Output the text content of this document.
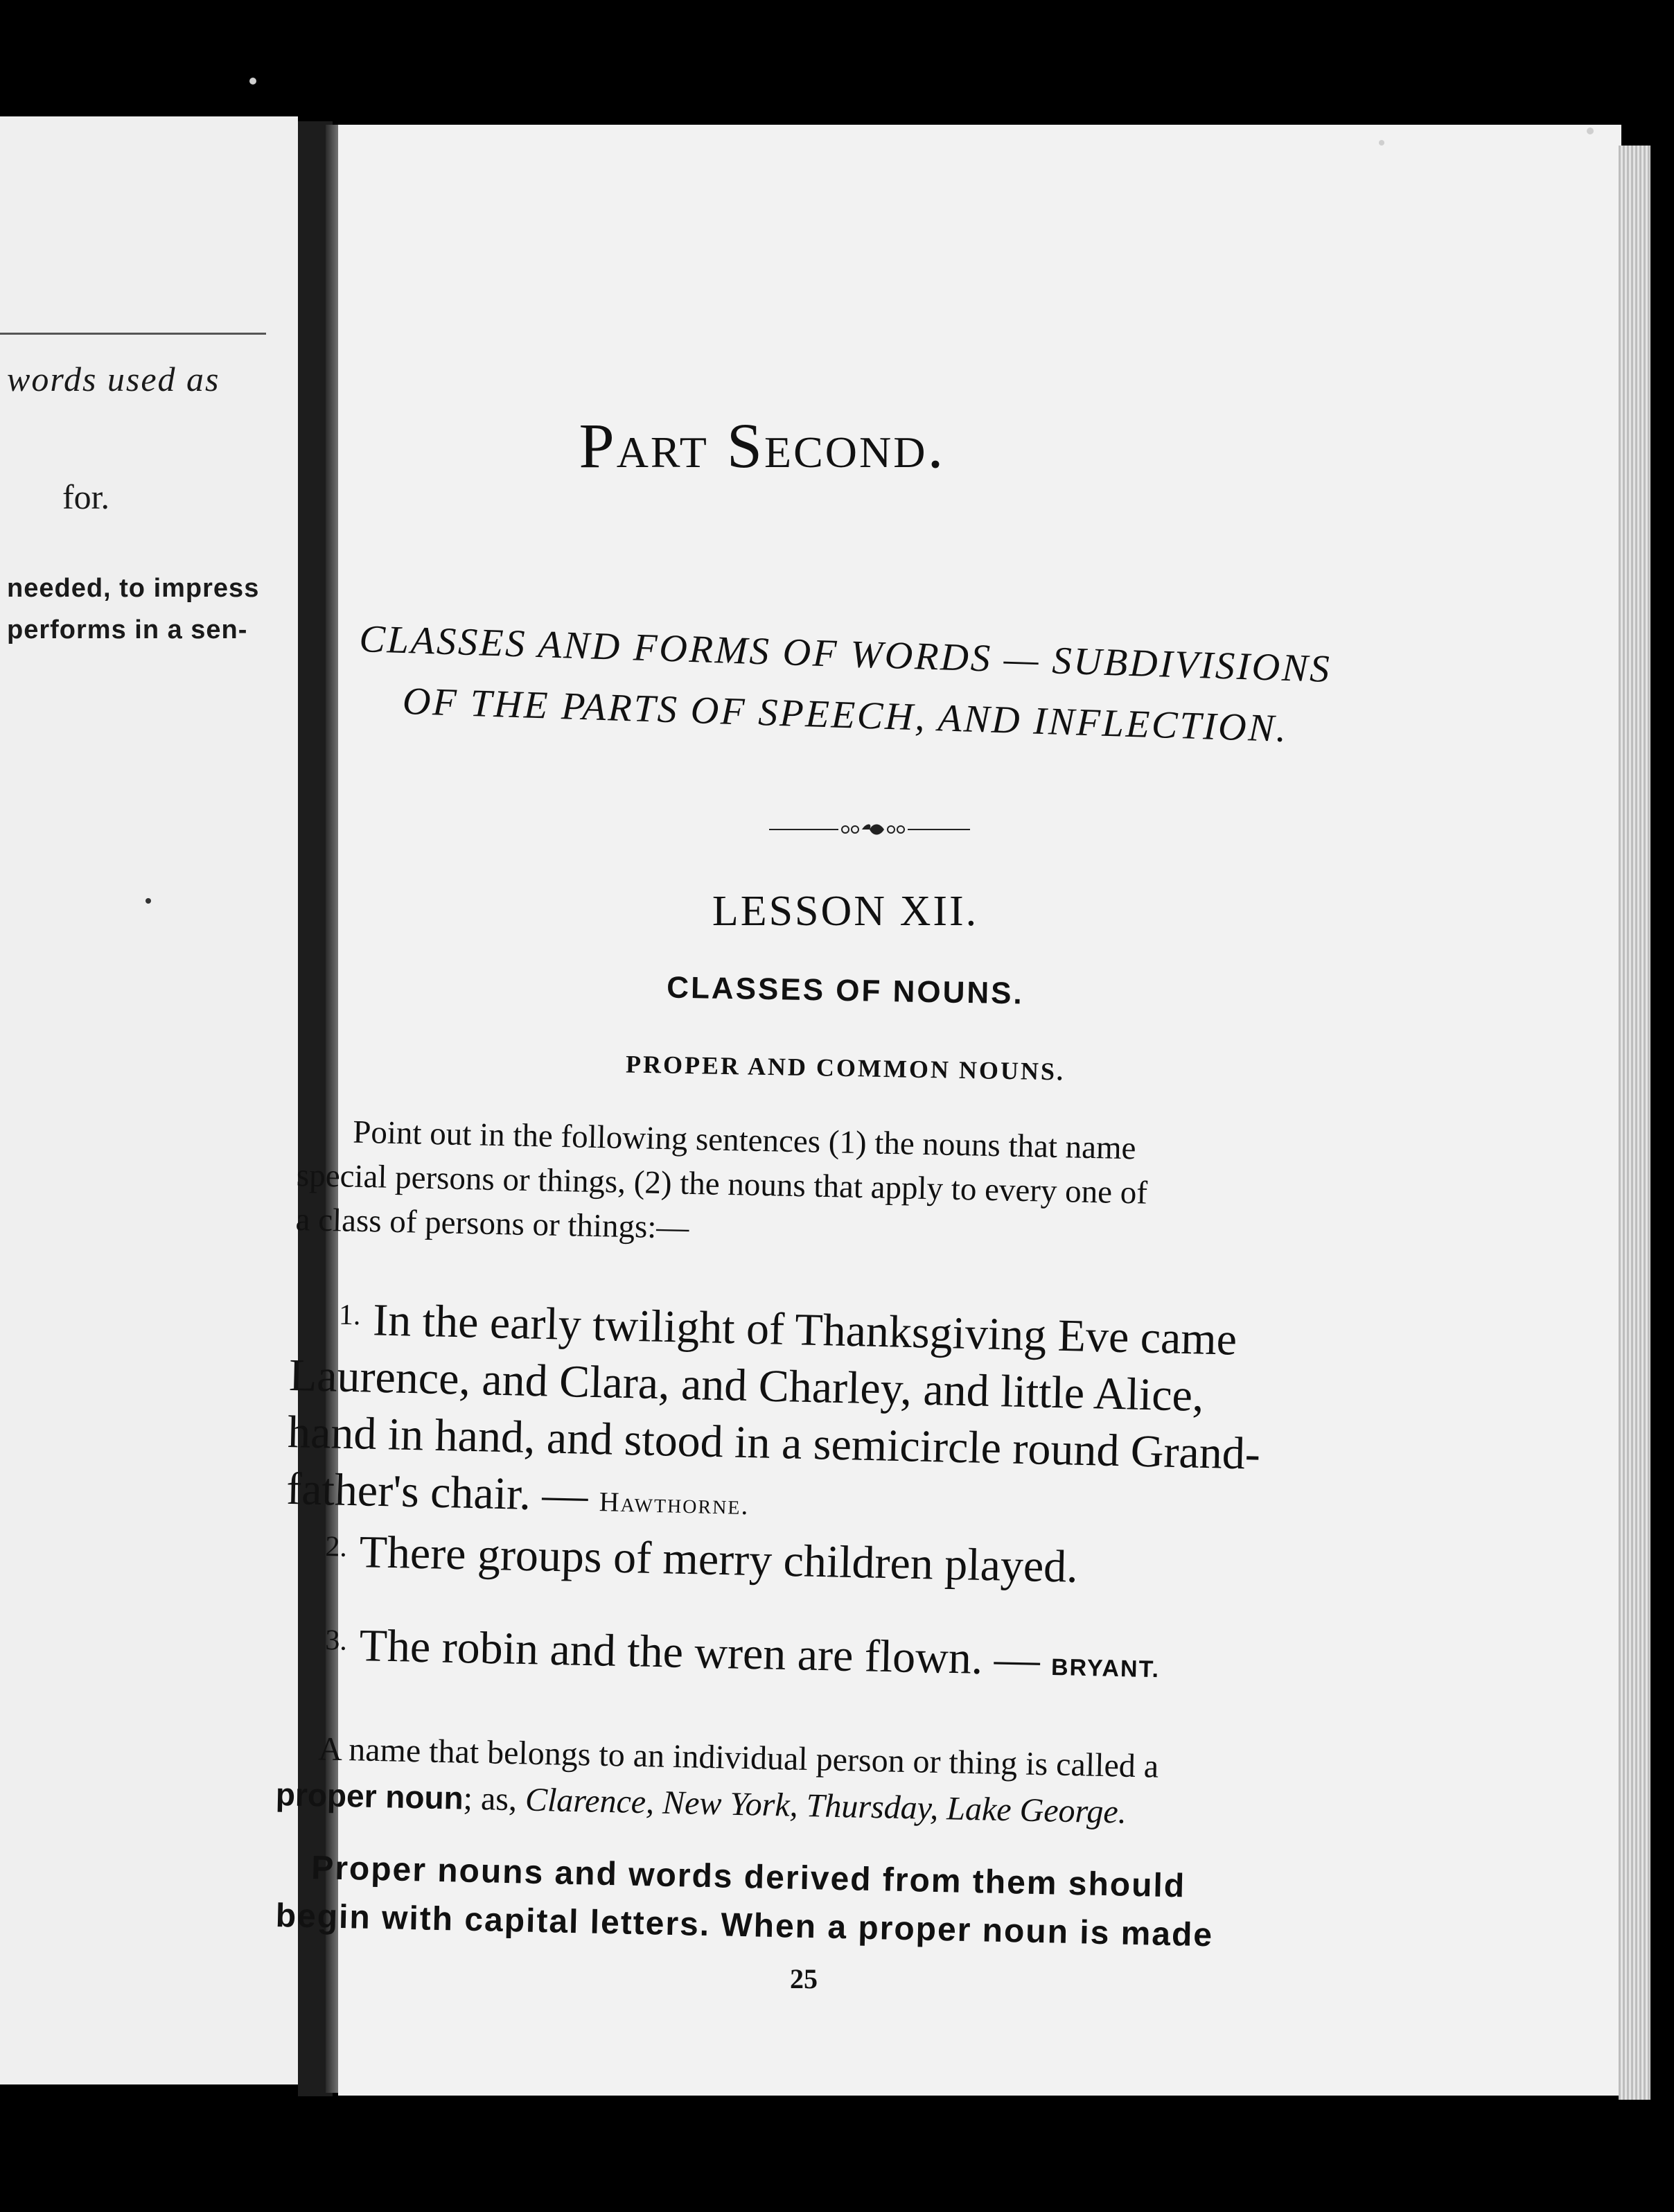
words used as
for.
needed, to impress
performs in a sen-
Part Second.
CLASSES AND FORMS OF WORDS — SUBDIVISIONS
OF THE PARTS OF SPEECH, AND INFLECTION.
LESSON XII.
CLASSES OF NOUNS.
PROPER AND COMMON NOUNS.
Point out in the following sentences (1) the nouns that name
special persons or things, (2) the nouns that apply to every one of
a class of persons or things:—
$^{1.}$ In the early twilight of Thanksgiving Eve came
Laurence, and Clara, and Charley, and little Alice,
hand in hand, and stood in a semicircle round Grand-
father's chair. — Hawthorne.
$^{2.}$ There groups of merry children played.
$^{3.}$ The robin and the wren are flown. — BRYANT.
A name that belongs to an individual person or thing is called a
proper noun; as, Clarence, New York, Thursday, Lake George.
Proper nouns and words derived from them should
begin with capital letters. When a proper noun is made
25
